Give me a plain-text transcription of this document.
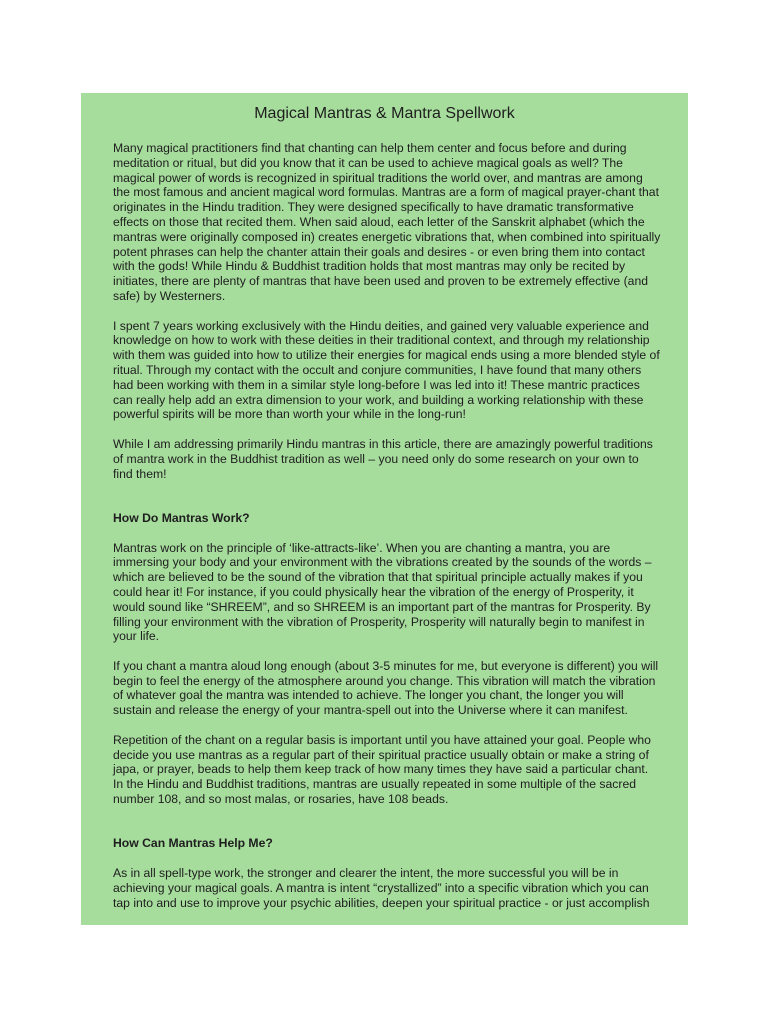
Magical Mantras & Mantra Spellwork

Many magical practitioners find that chanting can help them center and focus before and during meditation or ritual, but did you know that it can be used to achieve magical goals as well? The magical power of words is recognized in spiritual traditions the world over, and mantras are among the most famous and ancient magical word formulas. Mantras are a form of magical prayer-chant that originates in the Hindu tradition. They were designed specifically to have dramatic transformative effects on those that recited them. When said aloud, each letter of the Sanskrit alphabet (which the mantras were originally composed in) creates energetic vibrations that, when combined into spiritually potent phrases can help the chanter attain their goals and desires - or even bring them into contact with the gods! While Hindu & Buddhist tradition holds that most mantras may only be recited by initiates, there are plenty of mantras that have been used and proven to be extremely effective (and safe) by Westerners.

I spent 7 years working exclusively with the Hindu deities, and gained very valuable experience and knowledge on how to work with these deities in their traditional context, and through my relationship with them was guided into how to utilize their energies for magical ends using a more blended style of ritual. Through my contact with the occult and conjure communities, I have found that many others had been working with them in a similar style long-before I was led into it! These mantric practices can really help add an extra dimension to your work, and building a working relationship with these powerful spirits will be more than worth your while in the long-run!

While I am addressing primarily Hindu mantras in this article, there are amazingly powerful traditions of mantra work in the Buddhist tradition as well – you need only do some research on your own to find them!

How Do Mantras Work?

Mantras work on the principle of ‘like-attracts-like’. When you are chanting a mantra, you are immersing your body and your environment with the vibrations created by the sounds of the words – which are believed to be the sound of the vibration that that spiritual principle actually makes if you could hear it! For instance, if you could physically hear the vibration of the energy of Prosperity, it would sound like “SHREEM”, and so SHREEM is an important part of the mantras for Prosperity. By filling your environment with the vibration of Prosperity, Prosperity will naturally begin to manifest in your life.

If you chant a mantra aloud long enough (about 3-5 minutes for me, but everyone is different) you will begin to feel the energy of the atmosphere around you change. This vibration will match the vibration of whatever goal the mantra was intended to achieve. The longer you chant, the longer you will sustain and release the energy of your mantra-spell out into the Universe where it can manifest.

Repetition of the chant on a regular basis is important until you have attained your goal. People who decide you use mantras as a regular part of their spiritual practice usually obtain or make a string of japa, or prayer, beads to help them keep track of how many times they have said a particular chant. In the Hindu and Buddhist traditions, mantras are usually repeated in some multiple of the sacred number 108, and so most malas, or rosaries, have 108 beads.

How Can Mantras Help Me?

As in all spell-type work, the stronger and clearer the intent, the more successful you will be in achieving your magical goals. A mantra is intent “crystallized” into a specific vibration which you can tap into and use to improve your psychic abilities, deepen your spiritual practice - or just accomplish
